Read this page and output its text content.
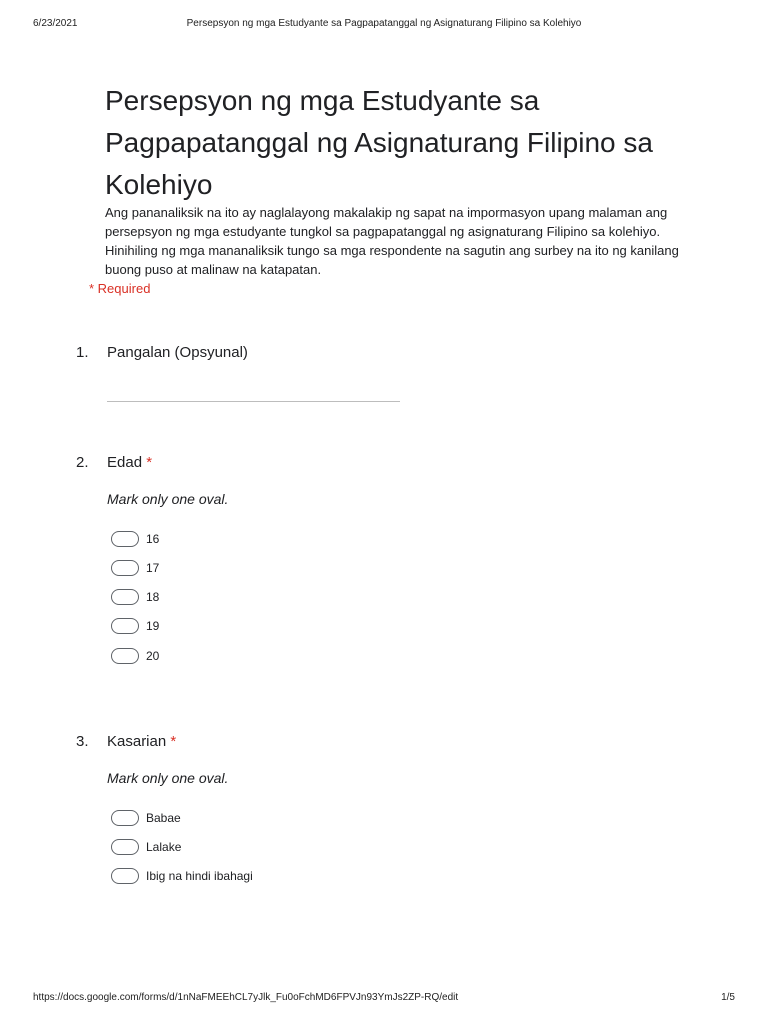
6/23/2021	Persepsyon ng mga Estudyante sa Pagpapatanggal ng Asignaturang Filipino sa Kolehiyo
Persepsyon ng mga Estudyante sa Pagpapatanggal ng Asignaturang Filipino sa Kolehiyo

Ang pananaliksik na ito ay naglalayong makalakip ng sapat na impormasyon upang malaman ang persepsyon ng mga estudyante tungkol sa pagpapatanggal ng asignaturang Filipino sa kolehiyo. Hinihiling ng mga mananaliksik tungo sa mga respondente na sagutin ang surbey na ito ng kanilang buong puso at malinaw na katapatan.

* Required
1. Pangalan (Opsyunal)
2. Edad *
Mark only one oval.
16
17
18
19
20
3. Kasarian *
Mark only one oval.
Babae
Lalake
Ibig na hindi ibahagi
https://docs.google.com/forms/d/1nNaFMEEhCL7yJlk_Fu0oFchMD6FPVJn93YmJs2ZP-RQ/edit	1/5
